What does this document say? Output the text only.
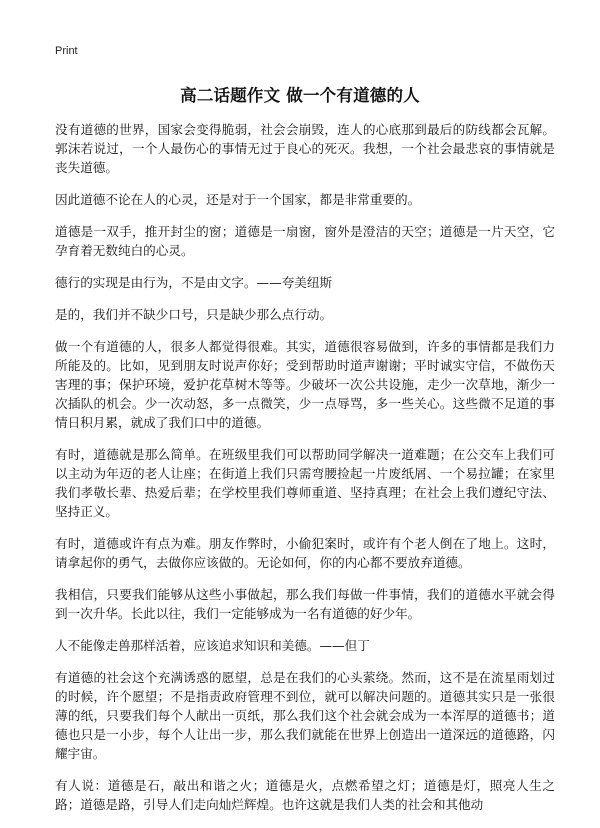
Print
高二话题作文 做一个有道德的人

没有道德的世界，国家会变得脆弱，社会会崩毁，连人的心底那到最后的防线都会瓦解。郭沫若说过，一个人最伤心的事情无过于良心的死灭。我想，一个社会最悲哀的事情就是丧失道德。

因此道德不论在人的心灵，还是对于一个国家，都是非常重要的。

道德是一双手，推开封尘的窗；道德是一扇窗，窗外是澄洁的天空；道德是一片天空，它孕育着无数纯白的心灵。

德行的实现是由行为，不是由文字。——夸美纽斯

是的，我们并不缺少口号，只是缺少那么点行动。

做一个有道德的人，很多人都觉得很难。其实，道德很容易做到，许多的事情都是我们力所能及的。比如，见到朋友时说声你好；受到帮助时道声谢谢；平时诚实守信，不做伤天害理的事；保护环境，爱护花草树木等等。少破坏一次公共设施，走少一次草地，渐少一次插队的机会。少一次动怒，多一点微笑，少一点辱骂，多一些关心。这些微不足道的事情日积月累，就成了我们口中的道德。

有时，道德就是那么简单。在班级里我们可以帮助同学解决一道难题；在公交车上我们可以主动为年迈的老人让座；在街道上我们只需弯腰捡起一片废纸屑、一个易拉罐；在家里我们孝敬长辈、热爱后辈；在学校里我们尊师重道、坚持真理；在社会上我们遵纪守法、坚持正义。

有时，道德或许有点为难。朋友作弊时，小偷犯案时，或许有个老人倒在了地上。这时，请拿起你的勇气，去做你应该做的。无论如何，你的内心都不要放弃道德。

我相信，只要我们能够从这些小事做起，那么我们每做一件事情，我们的道德水平就会得到一次升华。长此以往，我们一定能够成为一名有道德的好少年。

人不能像走兽那样活着，应该追求知识和美德。——但丁

有道德的社会这个充满诱惑的愿望，总是在我们的心头萦绕。然而，这不是在流星雨划过的时候，许个愿望；不是指责政府管理不到位，就可以解决问题的。道德其实只是一张很薄的纸，只要我们每个人献出一页纸，那么我们这个社会就会成为一本浑厚的道德书；道德也只是一小步，每个人让出一步，那么我们就能在世界上创造出一道深远的道德路，闪耀宇宙。

有人说：道德是石，敲出和谐之火；道德是火，点燃希望之灯；道德是灯，照亮人生之路；道德是路，引导人们走向灿烂辉煌。也许这就是我们人类的社会和其他动
